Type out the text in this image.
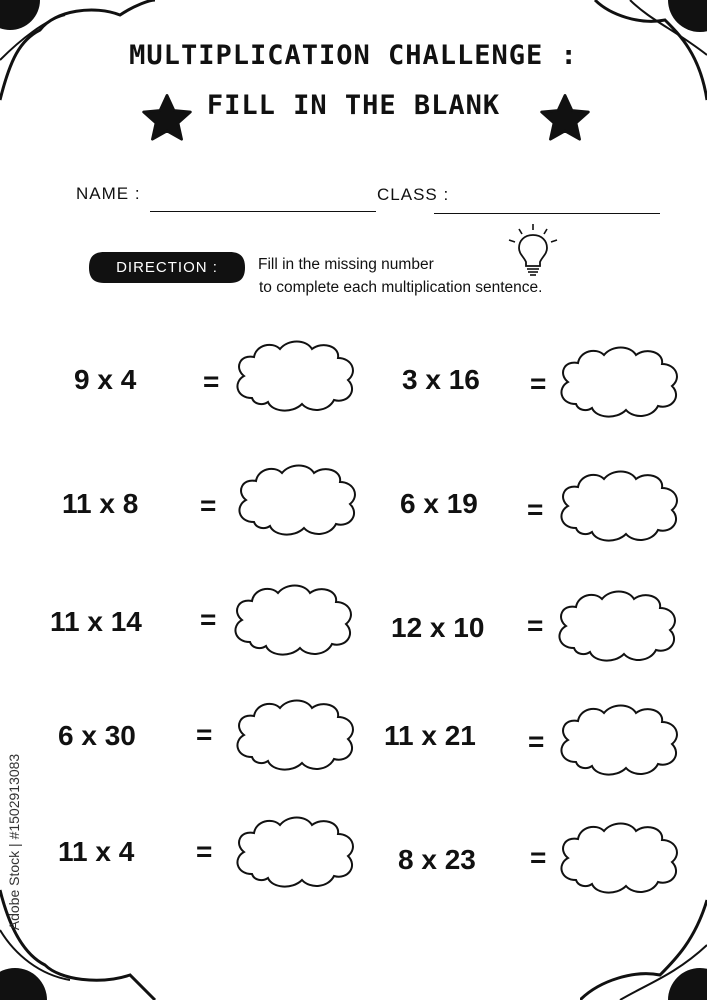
MULTIPLICATION CHALLENGE :
FILL IN THE BLANK
NAME :	CLASS :
DIRECTION :	Fill in the missing number
to complete each multiplication sentence.
9 x 4 =
11 x 8 =
11 x 14 =
6 x 30 =
11 x 4 =
3 x 16 =
6 x 19 =
12 x 10 =
11 x 21 =
8 x 23 =
Adobe Stock | #1502913083
